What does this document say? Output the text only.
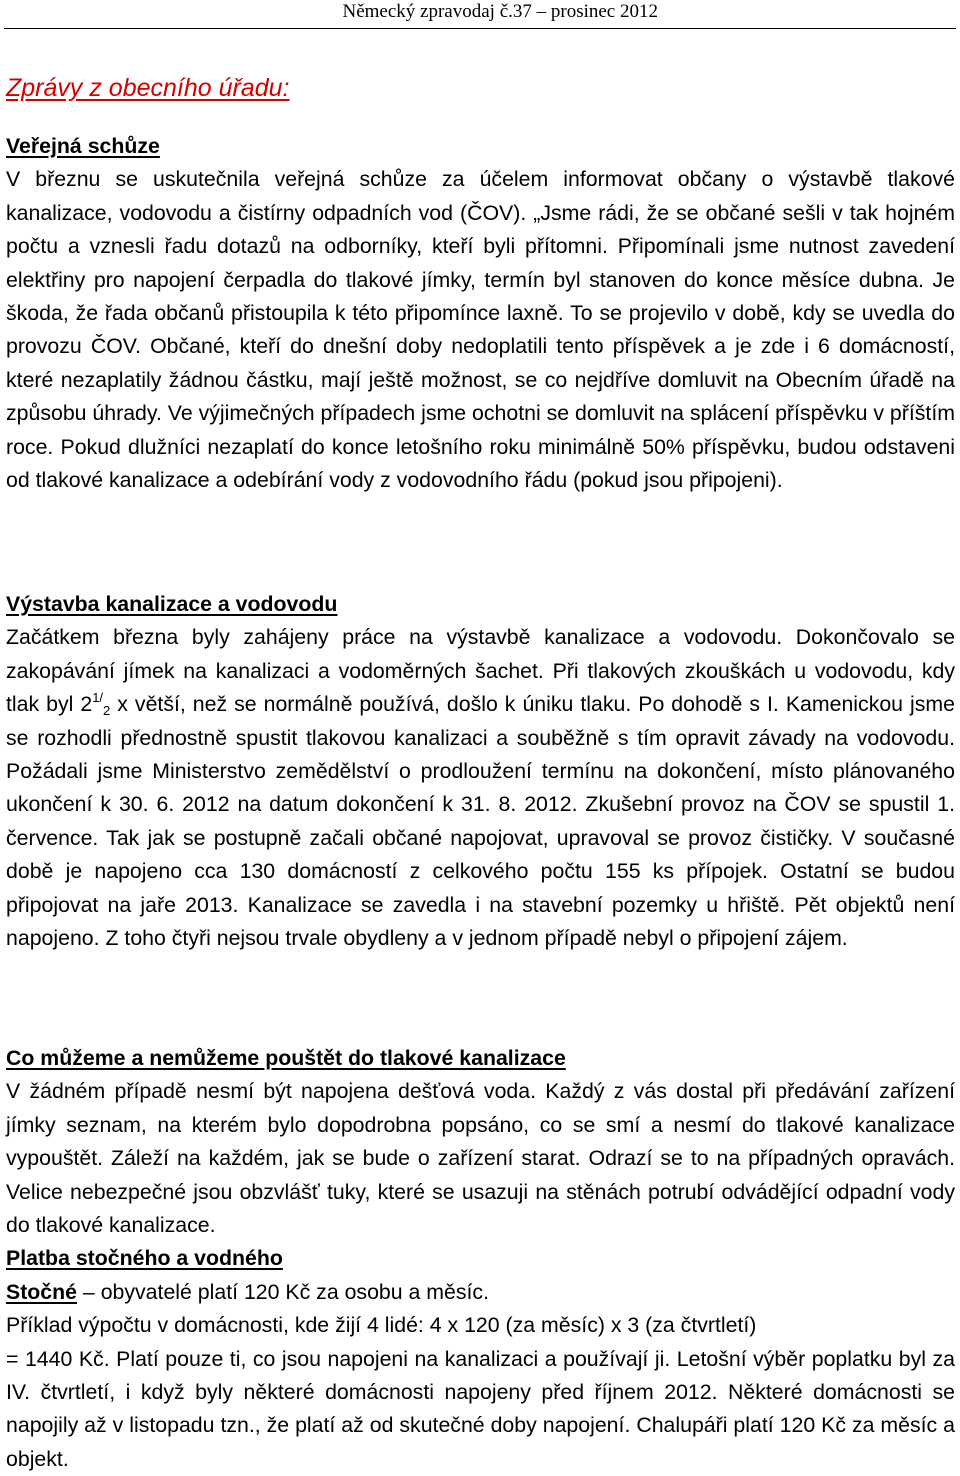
Německý zpravodaj č.37 – prosinec 2012
Zprávy z obecního úřadu:

Veřejná schůze

V březnu se uskutečnila veřejná schůze za účelem informovat občany o výstavbě tlakové kanalizace, vodovodu a čistírny odpadních vod (ČOV). „Jsme rádi, že se občané sešli v tak hojném počtu a vznesli řadu dotazů na odborníky, kteří byli přítomni. Připomínali jsme nutnost zavedení elektřiny pro napojení čerpadla do tlakové jímky, termín byl stanoven do konce měsíce dubna. Je škoda, že řada občanů přistoupila k této připomínce laxně. To se projevilo v době, kdy se uvedla do provozu ČOV. Občané, kteří do dnešní doby nedoplatili tento příspěvek a je zde i 6 domácností, které nezaplatily žádnou částku, mají ještě možnost, se co nejdříve domluvit na Obecním úřadě na způsobu úhrady. Ve výjimečných případech jsme ochotni se domluvit na splácení příspěvku v příštím roce. Pokud dlužníci nezaplatí do konce letošního roku minimálně 50% příspěvku, budou odstaveni od tlakové kanalizace a odebírání vody z vodovodního řádu (pokud jsou připojeni).

Výstavba kanalizace a vodovodu

Začátkem března byly zahájeny práce na výstavbě kanalizace a vodovodu. Dokončovalo se zakopávání jímek na kanalizaci a vodoměrných šachet. Při tlakových zkouškách u vodovodu, kdy tlak byl $2^{1/}_2$ x větší, než se normálně používá, došlo k úniku tlaku. Po dohodě s I. Kamenickou jsme se rozhodli přednostně spustit tlakovou kanalizaci a souběžně s tím opravit závady na vodovodu. Požádali jsme Ministerstvo zemědělství o prodloužení termínu na dokončení, místo plánovaného ukončení k 30. 6. 2012 na datum dokončení k 31. 8. 2012. Zkušební provoz na ČOV se spustil 1. července. Tak jak se postupně začali občané napojovat, upravoval se provoz čističky. V současné době je napojeno cca 130 domácností z celkového počtu 155 ks přípojek. Ostatní se budou připojovat na jaře 2013. Kanalizace se zavedla i na stavební pozemky u hřiště. Pět objektů není napojeno. Z toho čtyři nejsou trvale obydleny a v jednom případě nebyl o připojení zájem.

Co můžeme a nemůžeme pouštět do tlakové kanalizace

V žádném případě nesmí být napojena dešťová voda. Každý z vás dostal při předávání zařízení jímky seznam, na kterém bylo dopodrobna popsáno, co se smí a nesmí do tlakové kanalizace vypouštět. Záleží na každém, jak se bude o zařízení starat. Odrazí se to na případných opravách. Velice nebezpečné jsou obzvlášť tuky, které se usazuji na stěnách potrubí odvádějící odpadní vody do tlakové kanalizace.

Platba stočného a vodného

Stočné – obyvatelé platí 120 Kč za osobu a měsíc.

Příklad výpočtu v domácnosti, kde žijí 4 lidé: 4 x 120 (za měsíc) x 3 (za čtvrtletí)

= 1440 Kč. Platí pouze ti, co jsou napojeni na kanalizaci a používají ji. Letošní výběr poplatku byl za IV. čtvrtletí, i když byly některé domácnosti napojeny před říjnem 2012. Některé domácnosti se napojily až v listopadu tzn., že platí až od skutečné doby napojení. Chalupáři platí 120 Kč za měsíc a objekt.
